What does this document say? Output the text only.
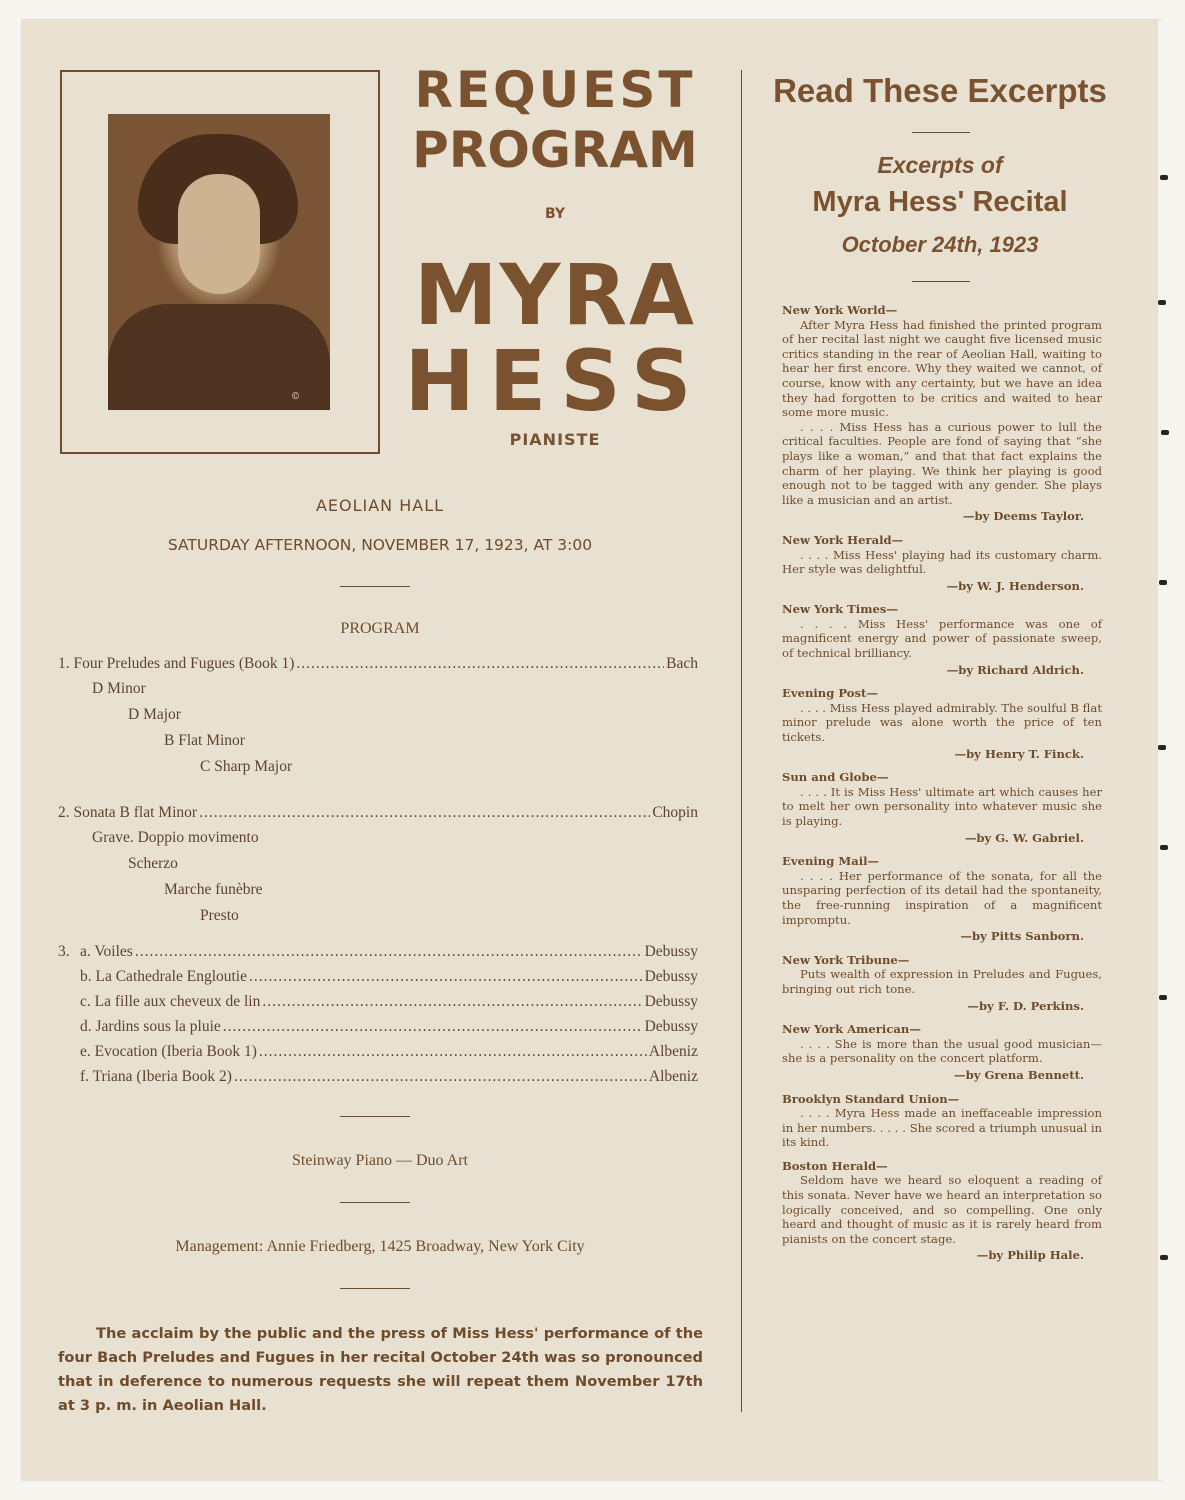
©
REQUEST
PROGRAM
BY
MYRA
HESS
PIANISTE
AEOLIAN HALL
SATURDAY AFTERNOON, NOVEMBER 17, 1923, AT 3:00
PROGRAM
1. Four Preludes and Fugues (Book 1) .....	Bach
D Minor
D Major
B Flat Minor
C Sharp Major
2. Sonata B flat Minor .....	Chopin
Grave. Doppio movimento
Scherzo
Marche funèbre
Presto
3. a. Voiles .....	Debussy
b. La Cathedrale Engloutie .....	Debussy
c. La fille aux cheveux de lin .....	Debussy
d. Jardins sous la pluie .....	Debussy
e. Evocation (Iberia Book 1) .....	Albeniz
f. Triana (Iberia Book 2) .....	Albeniz
Steinway Piano — Duo Art
Management: Annie Friedberg, 1425 Broadway, New York City
The acclaim by the public and the press of Miss Hess' performance of the four Bach Preludes and Fugues in her recital October 24th was so pronounced that in deference to numerous requests she will repeat them November 17th at 3 p. m. in Aeolian Hall.
Read These Excerpts
Excerpts of
Myra Hess' Recital
October 24th, 1923
New York World—

After Myra Hess had finished the printed program of her recital last night we caught five licensed music critics standing in the rear of Aeolian Hall, waiting to hear her first encore. Why they waited we cannot, of course, know with any certainty, but we have an idea they had forgotten to be critics and waited to hear some more music.

. . . . Miss Hess has a curious power to lull the critical faculties. People are fond of saying that “she plays like a woman,” and that that fact explains the charm of her playing. We think her playing is good enough not to be tagged with any gender. She plays like a musician and an artist.

—by Deems Taylor.
New York Herald—

. . . . Miss Hess' playing had its customary charm. Her style was delightful.

—by W. J. Henderson.
New York Times—

. . . . Miss Hess' performance was one of magnificent energy and power of passionate sweep, of technical brilliancy.

—by Richard Aldrich.
Evening Post—

. . . . Miss Hess played admirably. The soulful B flat minor prelude was alone worth the price of ten tickets.

—by Henry T. Finck.
Sun and Globe—

. . . . It is Miss Hess' ultimate art which causes her to melt her own personality into whatever music she is playing.

—by G. W. Gabriel.
Evening Mail—

. . . . Her performance of the sonata, for all the unsparing perfection of its detail had the spontaneity, the free-running inspiration of a magnificent impromptu.

—by Pitts Sanborn.
New York Tribune—

Puts wealth of expression in Preludes and Fugues, bringing out rich tone.

—by F. D. Perkins.
New York American—

. . . . She is more than the usual good musician—she is a personality on the concert platform.

—by Grena Bennett.
Brooklyn Standard Union—

. . . . Myra Hess made an ineffaceable impression in her numbers. . . . . She scored a triumph unusual in its kind.

Boston Herald—

Seldom have we heard so eloquent a reading of this sonata. Never have we heard an interpretation so logically conceived, and so compelling. One only heard and thought of music as it is rarely heard from pianists on the concert stage.

—by Philip Hale.
